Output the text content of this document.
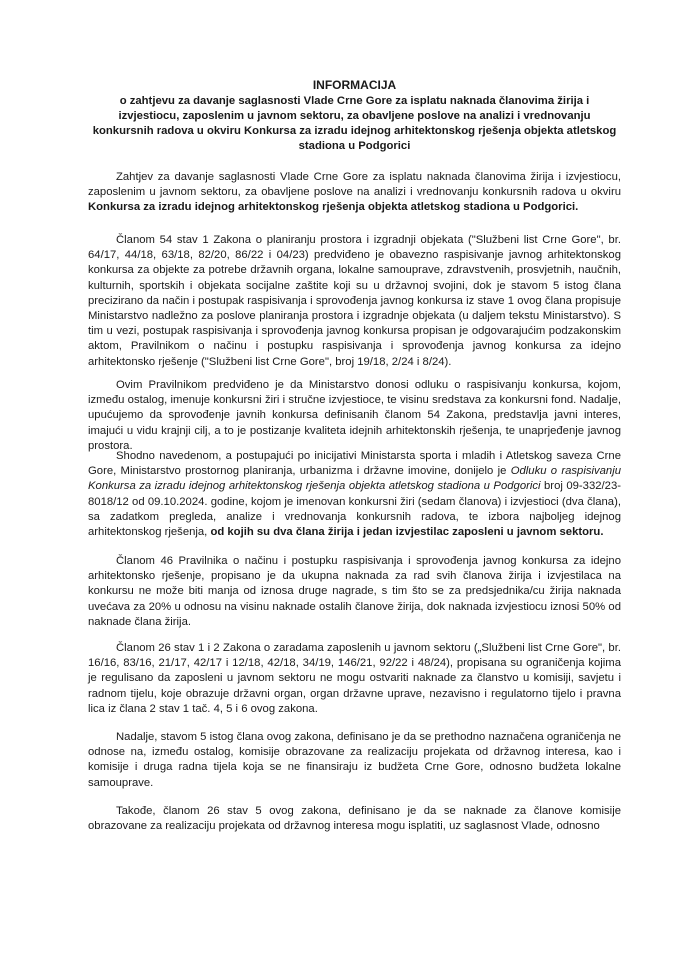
INFORMACIJA
o zahtjevu za davanje saglasnosti Vlade Crne Gore za isplatu naknada članovima žirija i izvjestiocu, zaposlenim u javnom sektoru, za obavljene poslove na analizi i vrednovanju konkursnih radova u okviru Konkursa za izradu idejnog arhitektonskog rješenja objekta atletskog stadiona u Podgorici

Zahtjev za davanje saglasnosti Vlade Crne Gore za isplatu naknada članovima žirija i izvjestiocu, zaposlenim u javnom sektoru, za obavljene poslove na analizi i vrednovanju konkursnih radova u okviru Konkursa za izradu idejnog arhitektonskog rješenja objekta atletskog stadiona u Podgorici.

Članom 54 stav 1 Zakona o planiranju prostora i izgradnji objekata ("Službeni list Crne Gore", br. 64/17, 44/18, 63/18, 82/20, 86/22 i 04/23) predviđeno je obavezno raspisivanje javnog arhitektonskog konkursa za objekte za potrebe državnih organa, lokalne samouprave, zdravstvenih, prosvjetnih, naučnih, kulturnih, sportskih i objekata socijalne zaštite koji su u državnoj svojini, dok je stavom 5 istog člana precizirano da način i postupak raspisivanja i sprovođenja javnog konkursa iz stave 1 ovog člana propisuje Ministarstvo nadležno za poslove planiranja prostora i izgradnje objekata (u daljem tekstu Ministarstvo). S tim u vezi, postupak raspisivanja i sprovođenja javnog konkursa propisan je odgovarajućim podzakonskim aktom, Pravilnikom o načinu i postupku raspisivanja i sprovođenja javnog konkursa za idejno arhitektonsko rješenje ("Službeni list Crne Gore", broj 19/18, 2/24 i 8/24).

Ovim Pravilnikom predviđeno je da Ministarstvo donosi odluku o raspisivanju konkursa, kojom, između ostalog, imenuje konkursni žiri i stručne izvjestioce, te visinu sredstava za konkursni fond. Nadalje, upućujemo da sprovođenje javnih konkursa definisanih članom 54 Zakona, predstavlja javni interes, imajući u vidu krajnji cilj, a to je postizanje kvaliteta idejnih arhitektonskih rješenja, te unaprjeđenje javnog prostora.

Shodno navedenom, a postupajući po inicijativi Ministarsta sporta i mladih i Atletskog saveza Crne Gore, Ministarstvo prostornog planiranja, urbanizma i državne imovine, donijelo je Odluku o raspisivanju Konkursa za izradu idejnog arhitektonskog rješenja objekta atletskog stadiona u Podgorici broj 09-332/23-8018/12 od 09.10.2024. godine, kojom je imenovan konkursni žiri (sedam članova) i izvjestioci (dva člana), sa zadatkom pregleda, analize i vrednovanja konkursnih radova, te izbora najboljeg idejnog arhitektonskog rješenja, od kojih su dva člana žirija i jedan izvjestilac zaposleni u javnom sektoru.

Članom 46 Pravilnika o načinu i postupku raspisivanja i sprovođenja javnog konkursa za idejno arhitektonsko rješenje, propisano je da ukupna naknada za rad svih članova žirija i izvjestilaca na konkursu ne može biti manja od iznosa druge nagrade, s tim što se za predsjednika/cu žirija naknada uvećava za 20% u odnosu na visinu naknade ostalih članove žirija, dok naknada izvjestiocu iznosi 50% od naknade člana žirija.

Članom 26 stav 1 i 2 Zakona o zaradama zaposlenih u javnom sektoru („Službeni list Crne Gore", br. 16/16, 83/16, 21/17, 42/17 i 12/18, 42/18, 34/19, 146/21, 92/22 i 48/24), propisana su ograničenja kojima je regulisano da zaposleni u javnom sektoru ne mogu ostvariti naknade za članstvo u komisiji, savjetu i radnom tijelu, koje obrazuje državni organ, organ državne uprave, nezavisno i regulatorno tijelo i pravna lica iz člana 2 stav 1 tač. 4, 5 i 6 ovog zakona.

Nadalje, stavom 5 istog člana ovog zakona, definisano je da se prethodno naznačena ograničenja ne odnose na, između ostalog, komisije obrazovane za realizaciju projekata od državnog interesa, kao i komisije i druga radna tijela koja se ne finansiraju iz budžeta Crne Gore, odnosno budžeta lokalne samouprave.

Takođe, članom 26 stav 5 ovog zakona, definisano je da se naknade za članove komisije obrazovane za realizaciju projekata od državnog interesa mogu isplatiti, uz saglasnost Vlade, odnosno
